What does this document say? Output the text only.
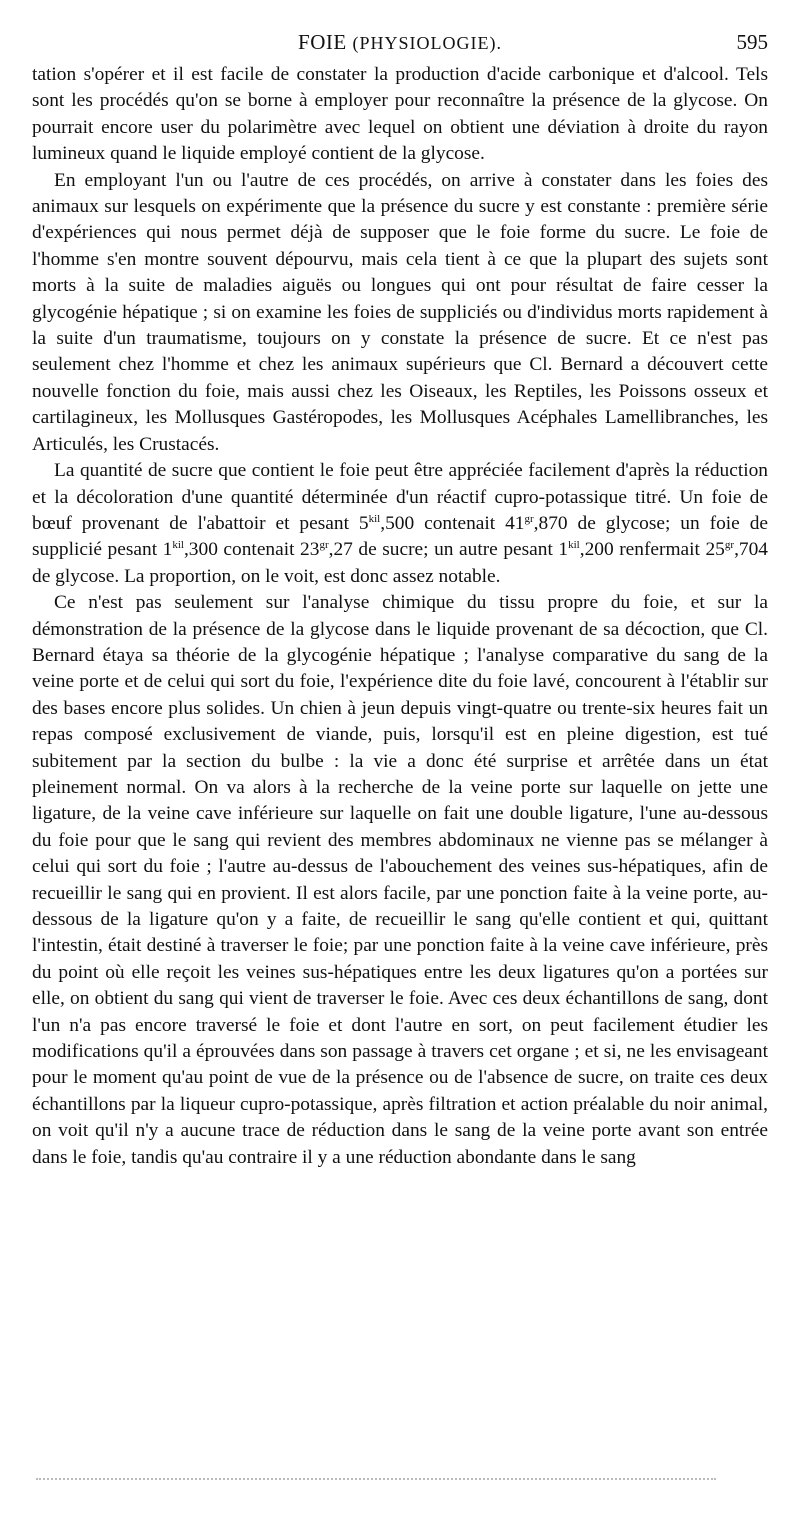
FOIE (PHYSIOLOGIE).	595

tation s'opérer et il est facile de constater la production d'acide carbonique et d'alcool. Tels sont les procédés qu'on se borne à employer pour reconnaître la présence de la glycose. On pourrait encore user du polarimètre avec lequel on obtient une déviation à droite du rayon lumineux quand le liquide employé contient de la glycose.

En employant l'un ou l'autre de ces procédés, on arrive à constater dans les foies des animaux sur lesquels on expérimente que la présence du sucre y est constante : première série d'expériences qui nous permet déjà de supposer que le foie forme du sucre. Le foie de l'homme s'en montre souvent dépourvu, mais cela tient à ce que la plupart des sujets sont morts à la suite de maladies aiguës ou longues qui ont pour résultat de faire cesser la glycogénie hépatique ; si on examine les foies de suppliciés ou d'individus morts rapidement à la suite d'un traumatisme, toujours on y constate la présence de sucre. Et ce n'est pas seulement chez l'homme et chez les animaux supérieurs que Cl. Bernard a découvert cette nouvelle fonction du foie, mais aussi chez les Oiseaux, les Reptiles, les Poissons osseux et cartilagineux, les Mollusques Gastéropodes, les Mollusques Acéphales Lamellibranches, les Articulés, les Crustacés.

La quantité de sucre que contient le foie peut être appréciée facilement d'après la réduction et la décoloration d'une quantité déterminée d'un réactif cupro-potassique titré. Un foie de bœuf provenant de l'abattoir et pesant $5^{kil},500$ contenait $41^{gr},870$ de glycose; un foie de supplicié pesant $1^{kil},300$ contenait $23^{gr},27$ de sucre; un autre pesant $1^{kil},200$ renfermait $25^{gr},704$ de glycose. La proportion, on le voit, est donc assez notable.

Ce n'est pas seulement sur l'analyse chimique du tissu propre du foie, et sur la démonstration de la présence de la glycose dans le liquide provenant de sa décoction, que Cl. Bernard étaya sa théorie de la glycogénie hépatique ; l'analyse comparative du sang de la veine porte et de celui qui sort du foie, l'expérience dite du foie lavé, concourent à l'établir sur des bases encore plus solides. Un chien à jeun depuis vingt-quatre ou trente-six heures fait un repas composé exclusivement de viande, puis, lorsqu'il est en pleine digestion, est tué subitement par la section du bulbe : la vie a donc été surprise et arrêtée dans un état pleinement normal. On va alors à la recherche de la veine porte sur laquelle on jette une ligature, de la veine cave inférieure sur laquelle on fait une double ligature, l'une au-dessous du foie pour que le sang qui revient des membres abdominaux ne vienne pas se mélanger à celui qui sort du foie ; l'autre au-dessus de l'abouchement des veines sus-hépatiques, afin de recueillir le sang qui en provient. Il est alors facile, par une ponction faite à la veine porte, au-dessous de la ligature qu'on y a faite, de recueillir le sang qu'elle contient et qui, quittant l'intestin, était destiné à traverser le foie; par une ponction faite à la veine cave inférieure, près du point où elle reçoit les veines sus-hépatiques entre les deux ligatures qu'on a portées sur elle, on obtient du sang qui vient de traverser le foie. Avec ces deux échantillons de sang, dont l'un n'a pas encore traversé le foie et dont l'autre en sort, on peut facilement étudier les modifications qu'il a éprouvées dans son passage à travers cet organe ; et si, ne les envisageant pour le moment qu'au point de vue de la présence ou de l'absence de sucre, on traite ces deux échantillons par la liqueur cupro-potassique, après filtration et action préalable du noir animal, on voit qu'il n'y a aucune trace de réduction dans le sang de la veine porte avant son entrée dans le foie, tandis qu'au contraire il y a une réduction abondante dans le sang
